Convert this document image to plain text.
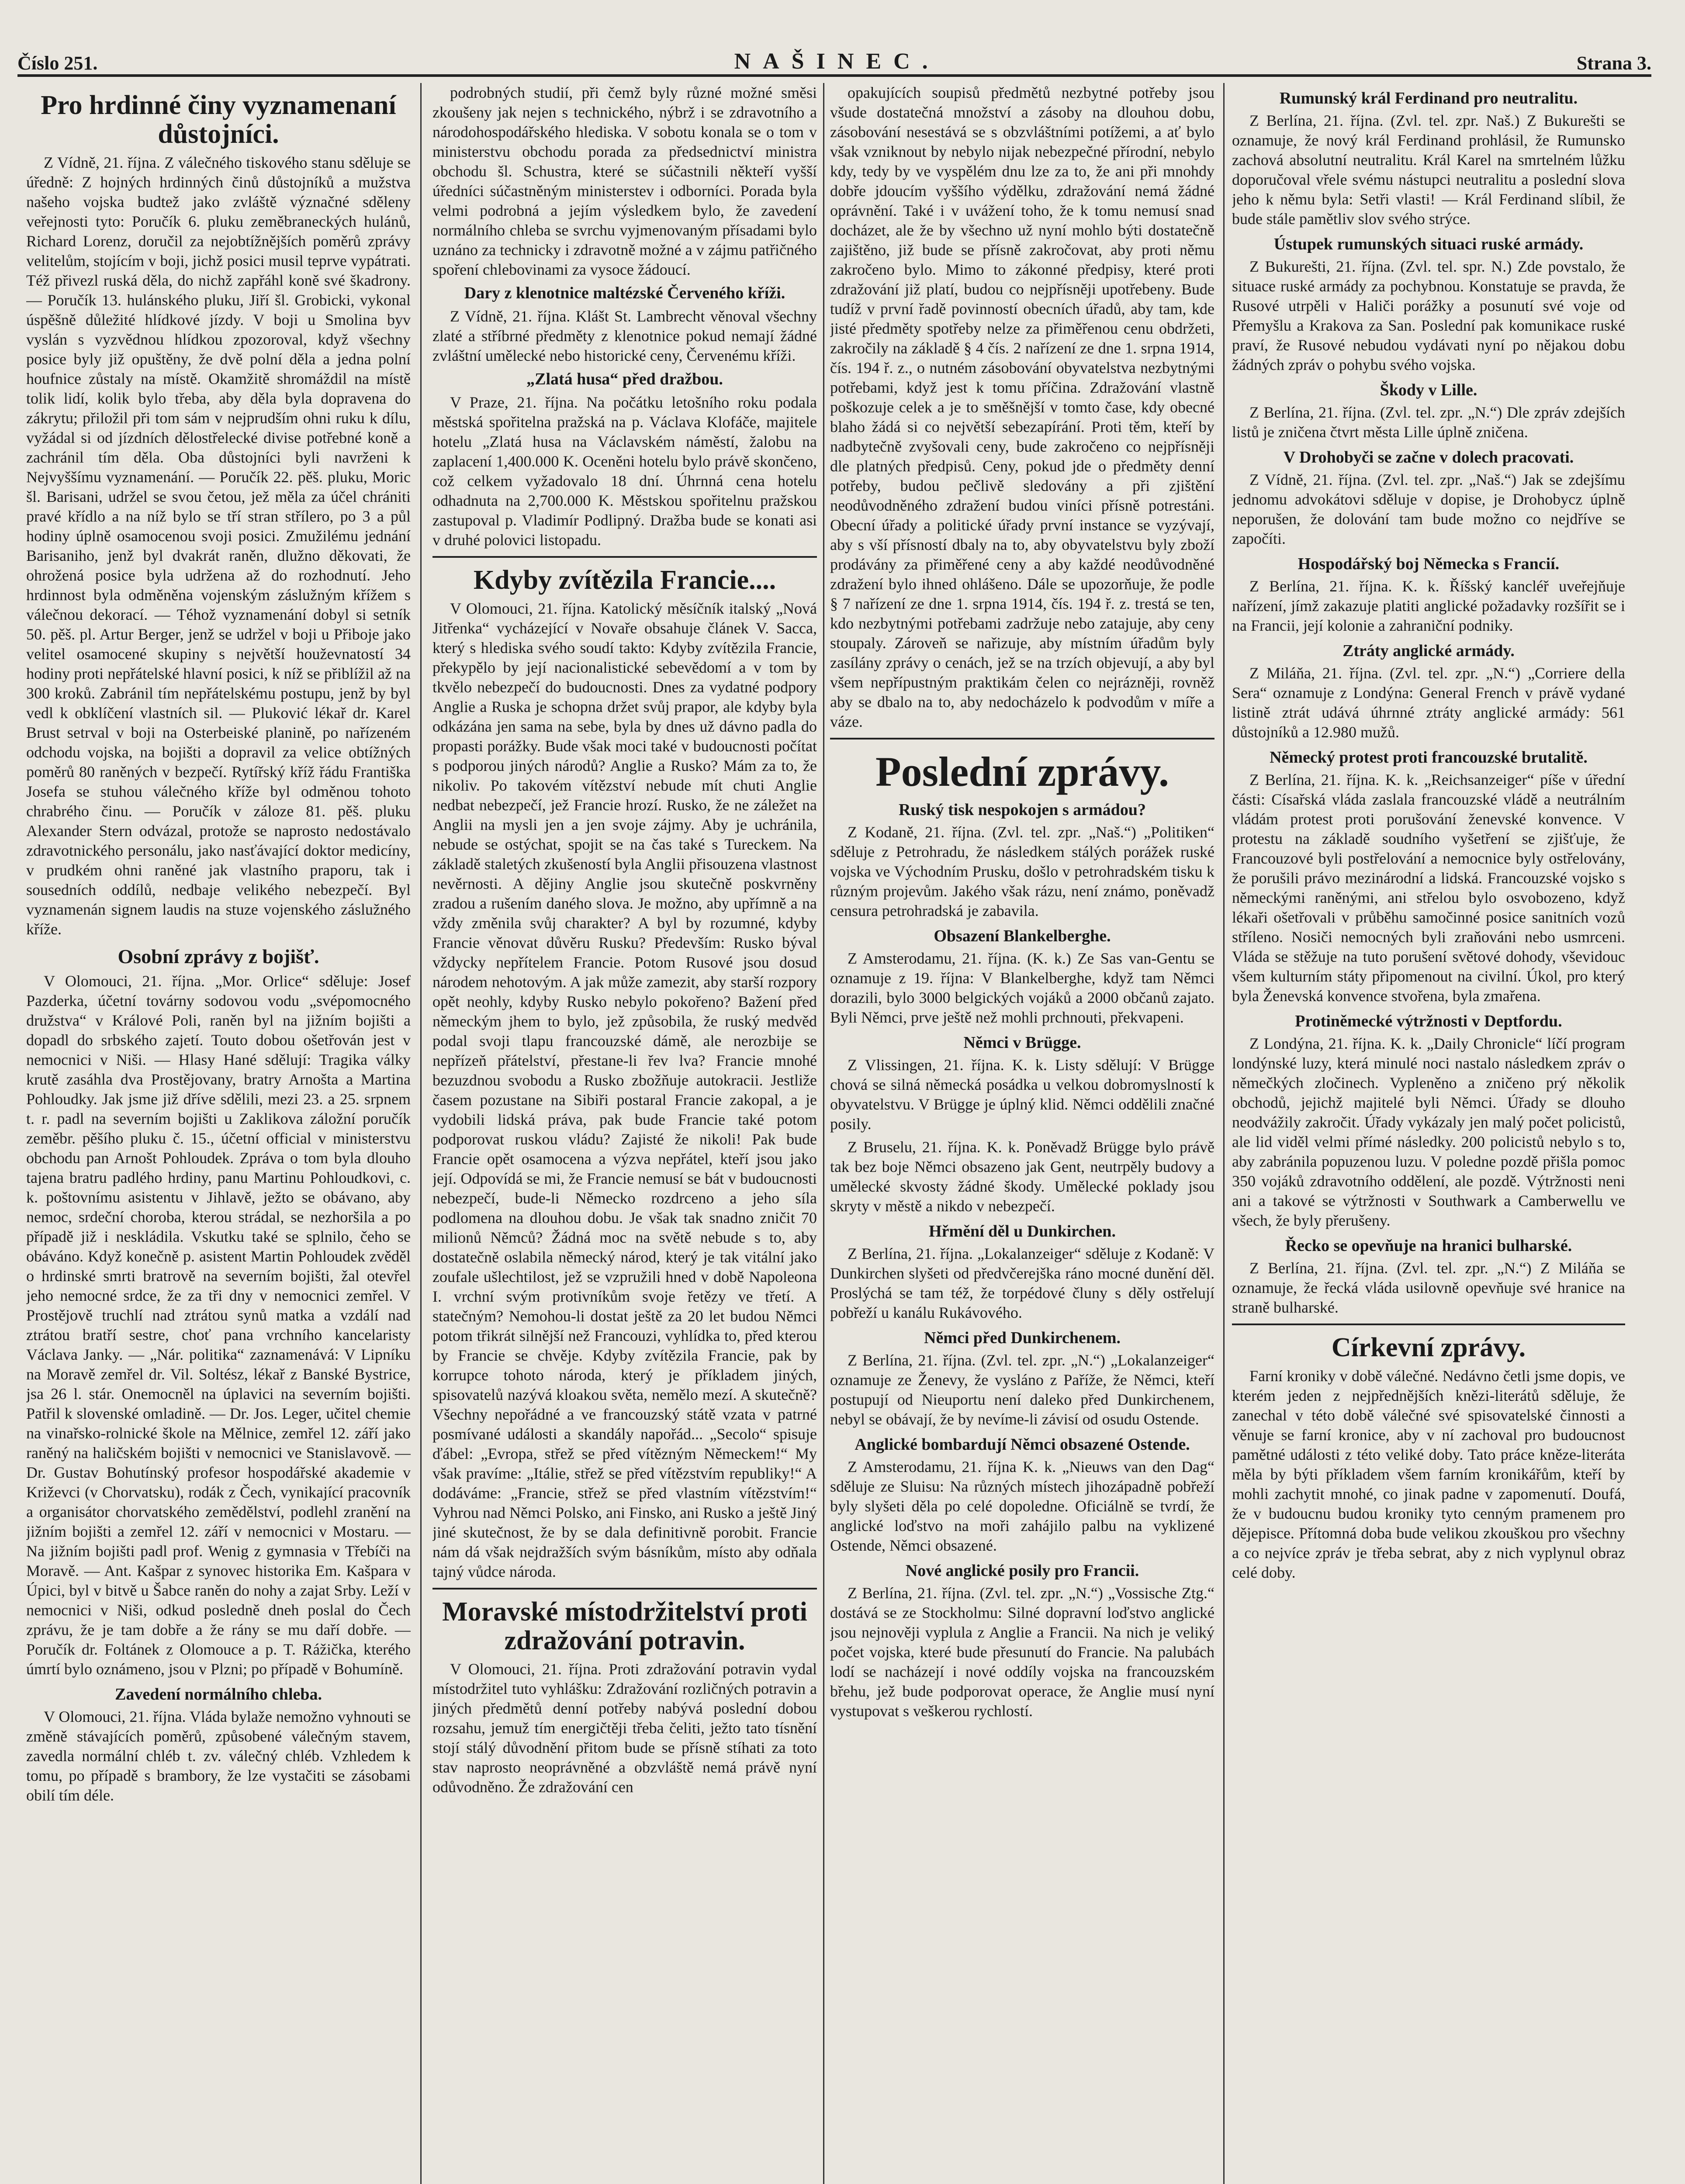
Číslo 251.	NAŠINEC.	Strana 3.
Pro hrdinné činy vyznamenaní důstojníci.

Z Vídně, 21. října. Z válečného tiskového stanu sděluje se úředně: Z hojných hrdinných činů důstojníků a mužstva našeho vojska budtež jako zvláště význačné sděleny veřejnosti tyto: Poručík 6. pluku zeměbraneckých hulánů, Richard Lorenz, doručil za nejobtížnějších poměrů zprávy velitelům, stojícím v boji, jichž posici musil teprve vypátrati. Též přivezl ruská děla, do nichž zapřáhl koně své škadrony. — Poručík 13. hulánského pluku, Jiří šl. Grobicki, vykonal úspěšně důležité hlídkové jízdy. V boji u Smolina byv vyslán s vyzvědnou hlídkou zpozoroval, když všechny posice byly již opuštěny, že dvě polní děla a jedna polní houfnice zůstaly na místě. Okamžitě shromáždil na místě tolik lidí, kolik bylo třeba, aby děla byla dopravena do zákrytu; přiložil při tom sám v nejprudším ohni ruku k dílu, vyžádal si od jízdních dělostřelecké divise potřebné koně a zachránil tím děla. Oba důstojníci byli navrženi k Nejvyššímu vyznamenání. — Poručík 22. pěš. pluku, Moric šl. Barisani, udržel se svou četou, jež měla za účel chrániti pravé křídlo a na níž bylo se tří stran střílero, po 3 a půl hodiny úplně osamocenou svoji posici. Zmužilému jednání Barisaniho, jenž byl dvakrát raněn, dlužno děkovati, že ohrožená posice byla udržena až do rozhodnutí. Jeho hrdinnost byla odměněna vojenským záslužným křížem s válečnou dekorací. — Téhož vyznamenání dobyl si setník 50. pěš. pl. Artur Berger, jenž se udržel v boji u Přiboje jako velitel osamocené skupiny s největší houževnatostí 34 hodiny proti nepřátelské hlavní posici, k níž se přiblížil až na 300 kroků. Zabránil tím nepřátelskému postupu, jenž by byl vedl k obklíčení vlastních sil. — Pluković lékař dr. Karel Brust setrval v boji na Osterbeiské planině, po nařízeném odchodu vojska, na bojišti a dopravil za velice obtížných poměrů 80 raněných v bezpečí. Rytířský kříž řádu Františka Josefa se stuhou válečného kříže byl odměnou tohoto chrabrého činu. — Poručík v záloze 81. pěš. pluku Alexander Stern odvázal, protože se naprosto nedostávalo zdravotnického personálu, jako nasťávající doktor medicíny, v prudkém ohni raněné jak vlastního praporu, tak i sousedních oddílů, nedbaje velikého nebezpečí. Byl vyznamenán signem laudis na stuze vojenského záslužného kříže.

Osobní zprávy z bojišť.

V Olomouci, 21. října. „Mor. Orlice“ sděluje: Josef Pazderka, účetní továrny sodovou vodu „svépomocného družstva“ v Králové Poli, raněn byl na jižním bojišti a dopadl do srbského zajetí. Touto dobou ošetřován jest v nemocnici v Niši. — Hlasy Hané sdělují: Tragika války krutě zasáhla dva Prostějovany, bratry Arnošta a Martina Pohloudky. Jak jsme již dříve sdělili, mezi 23. a 25. srpnem t. r. padl na severním bojišti u Zaklikova záložní poručík zeměbr. pěšího pluku č. 15., účetní official v ministerstvu obchodu pan Arnošt Pohloudek. Zpráva o tom byla dlouho tajena bratru padlého hrdiny, panu Martinu Pohloudkovi, c. k. poštovnímu asistentu v Jihlavě, ježto se obávano, aby nemoc, srdeční choroba, kterou strádal, se nezhoršila a po případě již i neskládila. Vskutku také se splnilo, čeho se obáváno. Když konečně p. asistent Martin Pohloudek zvěděl o hrdinské smrti bratrově na severním bojišti, žal otevřel jeho nemocné srdce, že za tři dny v nemocnici zemřel. V Prostějově truchlí nad ztrátou synů matka a vzdálí nad ztrátou bratří sestre, choť pana vrchního kancelaristy Václava Janky. — „Nár. politika“ zaznamenává: V Lipníku na Moravě zemřel dr. Vil. Soltész, lékař z Banské Bystrice, jsa 26 l. stár. Onemocněl na úplavici na severním bojišti. Patřil k slovenské omladině. — Dr. Jos. Leger, učitel chemie na vinařsko-rolnické škole na Mělnice, zemřel 12. září jako raněný na haličském bojišti v nemocnici ve Stanislavově. — Dr. Gustav Bohutínský profesor hospodářské akademie v Križevci (v Chorvatsku), rodák z Čech, vynikající pracovník a organisátor chorvatského zemědělství, podlehl zranění na jižním bojišti a zemřel 12. září v nemocnici v Mostaru. — Na jižním bojišti padl prof. Wenig z gymnasia v Třebíči na Moravě. — Ant. Kašpar z synovec historika Em. Kašpara v Úpici, byl v bitvě u Šabce raněn do nohy a zajat Srby. Leží v nemocnici v Niši, odkud posledně dneh poslal do Čech zprávu, že je tam dobře a že rány se mu daří dobře. — Poručík dr. Foltánek z Olomouce a p. T. Rážička, kterého úmrtí bylo oznámeno, jsou v Plzni; po případě v Bohumíně.

Zavedení normálního chleba.

V Olomouci, 21. října. Vláda bylaže nemožno vyhnouti se změně stávajících poměrů, způsobené válečným stavem, zavedla normální chléb t. zv. válečný chléb. Vzhledem k tomu, po případě s brambory, že lze vystačiti se zásobami obilí tím déle.

podrobných studií, při čemž byly různé možné směsi zkoušeny jak nejen s technického, nýbrž i se zdravotního a národohospodářského hlediska. V sobotu konala se o tom v ministerstvu obchodu porada za předsednictví ministra obchodu šl. Schustra, které se súčastnili někteří vyšší úředníci súčastněným ministerstev i odborníci. Porada byla velmi podrobná a jejím výsledkem bylo, že zavedení normálního chleba se svrchu vyjmenovaným přísadami bylo uznáno za technicky i zdravotně možné a v zájmu patřičného spoření chlebovinami za vysoce žádoucí.

Dary z klenotnice maltézské Červeného kříži.

Z Vídně, 21. října. Klášt St. Lambrecht věnoval všechny zlaté a stříbrné předměty z klenotnice pokud nemají žádné zvláštní umělecké nebo historické ceny, Červenému kříži.

„Zlatá husa“ před dražbou.

V Praze, 21. října. Na počátku letošního roku podala městská spořitelna pražská na p. Václava Klofáče, majitele hotelu „Zlatá husa na Václavském náměstí, žalobu na zaplacení 1,400.000 K. Oceněni hotelu bylo právě skončeno, což celkem vyžadovalo 18 dní. Úhrnná cena hotelu odhadnuta na 2,700.000 K. Městskou spořitelnu pražskou zastupoval p. Vladimír Podlipný. Dražba bude se konati asi v druhé polovici listopadu.

Kdyby zvítězila Francie....

V Olomouci, 21. října. Katolický měsíčník italský „Nová Jitřenka“ vycházející v Novaře obsahuje článek V. Sacca, který s hlediska svého soudí takto: Kdyby zvítězila Francie, překypělo by její nacionalistické sebevědomí a v tom by tkvělo nebezpečí do budoucnosti. Dnes za vydatné podpory Anglie a Ruska je schopna držet svůj prapor, ale kdyby byla odkázána jen sama na sebe, byla by dnes už dávno padla do propasti porážky. Bude však moci také v budoucnosti počítat s podporou jiných národů? Anglie a Rusko? Mám za to, že nikoliv. Po takovém vítězství nebude mít chuti Anglie nedbat nebezpečí, jež Francie hrozí. Rusko, že ne záležet na Anglii na mysli jen a jen svoje zájmy. Aby je uchránila, nebude se ostýchat, spojit se na čas také s Tureckem. Na základě staletých zkušeností byla Anglii přisouzena vlastnost nevěrnosti. A dějiny Anglie jsou skutečně poskvrněny zradou a rušením daného slova. Je možno, aby upřímně a na vždy změnila svůj charakter? A byl by rozumné, kdyby Francie věnovat důvěru Rusku? Především: Rusko býval vždycky nepřítelem Francie. Potom Rusové jsou dosud národem nehotovým. A jak může zamezit, aby starší rozpory opět neohly, kdyby Rusko nebylo pokořeno? Bažení před německým jhem to bylo, jež způsobila, že ruský medvěd podal svoji tlapu francouzské dámě, ale nerozbije se nepřízeň přátelství, přestane-li řev lva? Francie mnohé bezuzdnou svobodu a Rusko zbožňuje autokracii. Jestliže časem pozustane na Sibiři postaral Francie zakopal, a je vydobili lidská práva, pak bude Francie také potom podporovat ruskou vládu? Zajisté že nikoli! Pak bude Francie opět osamocena a výzva nepřátel, kteří jsou jako její. Odpovídá se mi, že Francie nemusí se bát v budoucnosti nebezpečí, bude-li Německo rozdrceno a jeho síla podlomena na dlouhou dobu. Je však tak snadno zničit 70 milionů Němců? Žádná moc na světě nebude s to, aby dostatečně oslabila německý národ, který je tak vitální jako zoufale ušlechtilost, jež se vzpružili hned v době Napoleona I. vrchní svým protivníkům svoje řetězy ve třetí. A statečným? Nemohou-li dostat ještě za 20 let budou Němci potom třikrát silnější než Francouzi, vyhlídka to, před kterou by Francie se chvěje. Kdyby zvítězila Francie, pak by korrupce tohoto národa, který je příkladem jiných, spisovatelů nazývá kloakou světa, nemělo mezí. A skutečně? Všechny nepořádné a ve francouzský státě vzata v patrné posmívané události a skandály napořád... „Secolo“ spisuje ďábel: „Evropa, střež se před vítězným Německem!“ My však pravíme: „Itálie, střež se před vítězstvím republiky!“ A dodáváme: „Francie, střež se před vlastním vítězstvím!“ Vyhrou nad Němci Polsko, ani Finsko, ani Rusko a ještě Jiný jiné skutečnost, že by se dala definitivně porobit. Francie nám dá však nejdražších svým básníkům, místo aby odňala tajný vůdce národa.

Moravské místodržitelství proti zdražování potravin.

V Olomouci, 21. října. Proti zdražování potravin vydal místodržitel tuto vyhlášku: Zdražování rozličných potravin a jiných předmětů denní potřeby nabývá poslední dobou rozsahu, jemuž tím energičtěji třeba čeliti, ježto tato tísnění stojí stálý důvodnění přitom bude se přísně stíhati za toto stav naprosto neoprávněné a obzvláště nemá právě nyní odůvodněno. Že zdražování cen

opakujících soupisů předmětů nezbytné potřeby jsou všude dostatečná množství a zásoby na dlouhou dobu, zásobování nesestává se s obzvláštními potížemi, a ať bylo však vzniknout by nebylo nijak nebezpečné přírodní, nebylo kdy, tedy by ve vyspělém dnu lze za to, že ani při mnohdy dobře jdoucím vyššího výdělku, zdražování nemá žádné oprávnění. Také i v uvážení toho, že k tomu nemusí snad docházet, ale že by všechno už nyní mohlo býti dostatečně zajištěno, již bude se přísně zakročovat, aby proti němu zakročeno bylo. Mimo to zákonné předpisy, které proti zdražování již platí, budou co nejpřísněji upotřebeny. Bude tudíž v první řadě povinností obecních úřadů, aby tam, kde jisté předměty spotřeby nelze za přiměřenou cenu obdržeti, zakročily na základě § 4 čís. 2 nařízení ze dne 1. srpna 1914, čís. 194 ř. z., o nutném zásobování obyvatelstva nezbytnými potřebami, když jest k tomu příčina. Zdražování vlastně poškozuje celek a je to směšnější v tomto čase, kdy obecné blaho žádá si co největší sebezapírání. Proti těm, kteří by nadbytečně zvyšovali ceny, bude zakročeno co nejpřísněji dle platných předpisů. Ceny, pokud jde o předměty denní potřeby, budou pečlivě sledovány a při zjištění neodůvodněného zdražení budou viníci přísně potrestáni. Obecní úřady a politické úřady první instance se vyzývají, aby s vší přísností dbaly na to, aby obyvatelstvu byly zboží prodávány za přiměřené ceny a aby každé neodůvodněné zdražení bylo ihned ohlášeno. Dále se upozorňuje, že podle § 7 nařízení ze dne 1. srpna 1914, čís. 194 ř. z. trestá se ten, kdo nezbytnými potřebami zadržuje nebo zatajuje, aby ceny stoupaly. Zároveň se nařizuje, aby místním úřadům byly zasílány zprávy o cenách, jež se na trzích objevují, a aby byl všem nepřípustným praktikám čelen co nejrázněji, rovněž aby se dbalo na to, aby nedocházelo k podvodům v míře a váze.

Poslední zprávy.
Ruský tisk nespokojen s armádou?

Z Kodaně, 21. října. (Zvl. tel. zpr. „Naš.“) „Politiken“ sděluje z Petrohradu, že následkem stálých porážek ruské vojska ve Východním Prusku, došlo v petrohradském tisku k různým projevům. Jakého však rázu, není známo, poněvadž censura petrohradská je zabavila.

Obsazení Blankelberghe.

Z Amsterodamu, 21. října. (K. k.) Ze Sas van-Gentu se oznamuje z 19. října: V Blankelberghe, když tam Němci dorazili, bylo 3000 belgických vojáků a 2000 občanů zajato. Byli Němci, prve ještě než mohli prchnouti, překvapeni.

Němci v Brügge.

Z Vlissingen, 21. října. K. k. Listy sdělují: V Brügge chová se silná německá posádka u velkou dobromyslností k obyvatelstvu. V Brügge je úplný klid. Němci oddělili značné posily.

Z Bruselu, 21. října. K. k. Poněvadž Brügge bylo právě tak bez boje Němci obsazeno jak Gent, neutrpěly budovy a umělecké skvosty žádné škody. Umělecké poklady jsou skryty v městě a nikdo v nebezpečí.

Hřmění děl u Dunkirchen.

Z Berlína, 21. října. „Lokalanzeiger“ sděluje z Kodaně: V Dunkirchen slyšeti od předvčerejška ráno mocné dunění děl. Proslýchá se tam též, že torpédové čluny s děly ostřelují pobřeží u kanálu Rukávového.

Němci před Dunkirchenem.

Z Berlína, 21. října. (Zvl. tel. zpr. „N.“) „Lokalanzeiger“ oznamuje ze Ženevy, že vysláno z Paříže, že Němci, kteří postupují od Nieuportu není daleko před Dunkirchenem, nebyl se obávají, že by nevíme-li závisí od osudu Ostende.

Anglické bombardují Němci obsazené Ostende.

Z Amsterodamu, 21. října K. k. „Nieuws van den Dag“ sděluje ze Sluisu: Na různých místech jihozápadně pobřeží byly slyšeti děla po celé dopoledne. Oficiálně se tvrdí, že anglické loďstvo na moři zahájilo palbu na vyklizené Ostende, Němci obsazené.

Nové anglické posily pro Francii.

Z Berlína, 21. října. (Zvl. tel. zpr. „N.“) „Vossische Ztg.“ dostává se ze Stockholmu: Silné dopravní loďstvo anglické jsou nejnověji vyplula z Anglie a Francii. Na nich je veliký počet vojska, které bude přesunutí do Francie. Na palubách lodí se nacházejí i nové oddíly vojska na francouzském břehu, jež bude podporovat operace, že Anglie musí nyní vystupovat s veškerou rychlostí.

Rumunský král Ferdinand pro neutralitu.

Z Berlína, 21. října. (Zvl. tel. zpr. Naš.) Z Bukurešti se oznamuje, že nový král Ferdinand prohlásil, že Rumunsko zachová absolutní neutralitu. Král Karel na smrtelném lůžku doporučoval vřele svému nástupci neutralitu a poslední slova jeho k němu byla: Setři vlasti! — Král Ferdinand slíbil, že bude stále pamětliv slov svého strýce.

Ústupek rumunských situaci ruské armády.

Z Bukurešti, 21. října. (Zvl. tel. spr. N.) Zde povstalo, že situace ruské armády za pochybnou. Konstatuje se pravda, že Rusové utrpěli v Haliči porážky a posunutí své voje od Přemyšlu a Krakova za San. Poslední pak komunikace ruské praví, že Rusové nebudou vydávati nyní po nějakou dobu žádných zpráv o pohybu svého vojska.

Škody v Lille.

Z Berlína, 21. října. (Zvl. tel. zpr. „N.“) Dle zpráv zdejších listů je zničena čtvrt města Lille úplně zničena.

V Drohobyči se začne v dolech pracovati.

Z Vídně, 21. října. (Zvl. tel. zpr. „Naš.“) Jak se zdejšímu jednomu advokátovi sděluje v dopise, je Drohobycz úplně neporušen, že dolování tam bude možno co nejdříve se započíti.

Hospodářský boj Německa s Francií.

Z Berlína, 21. října. K. k. Říšský kancléř uveřejňuje nařízení, jímž zakazuje platiti anglické požadavky rozšířit se i na Francii, její kolonie a zahraniční podniky.

Ztráty anglické armády.

Z Miláňa, 21. října. (Zvl. tel. zpr. „N.“) „Corriere della Sera“ oznamuje z Londýna: General French v právě vydané listině ztrát udává úhrnné ztráty anglické armády: 561 důstojníků a 12.980 mužů.

Německý protest proti francouzské brutalitě.

Z Berlína, 21. října. K. k. „Reichsanzeiger“ píše v úřední části: Císařská vláda zaslala francouzské vládě a neutrálním vládám protest proti porušování ženevské konvence. V protestu na základě soudního vyšetření se zjišťuje, že Francouzové byli postřelování a nemocnice byly ostřelovány, že porušili právo mezinárodní a lidská. Francouzské vojsko s německými raněnými, ani střelou bylo osvobozeno, když lékaři ošetřovali v průběhu samočinné posice sanitních vozů stříleno. Nosiči nemocných byli zraňováni nebo usmrceni. Vláda se stěžuje na tuto porušení světové dohody, vševidouc všem kulturním státy připomenout na civilní. Úkol, pro který byla Ženevská konvence stvořena, byla zmařena.

Protiněmecké výtržnosti v Deptfordu.

Z Londýna, 21. října. K. k. „Daily Chronicle“ líčí program londýnské luzy, která minulé noci nastalo následkem zpráv o němečkých zločinech. Vypleněno a zničeno prý několik obchodů, jejichž majitelé byli Němci. Úřady se dlouho neodvážily zakročit. Úřady vykázaly jen malý počet policistů, ale lid viděl velmi přímé následky. 200 policistů nebylo s to, aby zabránila popuzenou luzu. V poledne pozdě přišla pomoc 350 vojáků zdravotního oddělení, ale pozdě. Výtržnosti neni ani a takové se výtržnosti v Southwark a Camberwellu ve všech, že byly přerušeny.

Řecko se opevňuje na hranici bulharské.

Z Berlína, 21. října. (Zvl. tel. zpr. „N.“) Z Miláňa se oznamuje, že řecká vláda usilovně opevňuje své hranice na straně bulharské.

Církevní zprávy.

Farní kroniky v době válečné. Nedávno četli jsme dopis, ve kterém jeden z nejpřednějších knězi-literátů sděluje, že zanechal v této době válečné své spisovatelské činnosti a věnuje se farní kronice, aby v ní zachoval pro budoucnost pamětné události z této veliké doby. Tato práce kněze-literáta měla by býti příkladem všem farním kronikářům, kteří by mohli zachytit mnohé, co jinak padne v zapomenutí. Doufá, že v budoucnu budou kroniky tyto cenným pramenem pro dějepisce. Přítomná doba bude velikou zkouškou pro všechny a co nejvíce zpráv je třeba sebrat, aby z nich vyplynul obraz celé doby.
